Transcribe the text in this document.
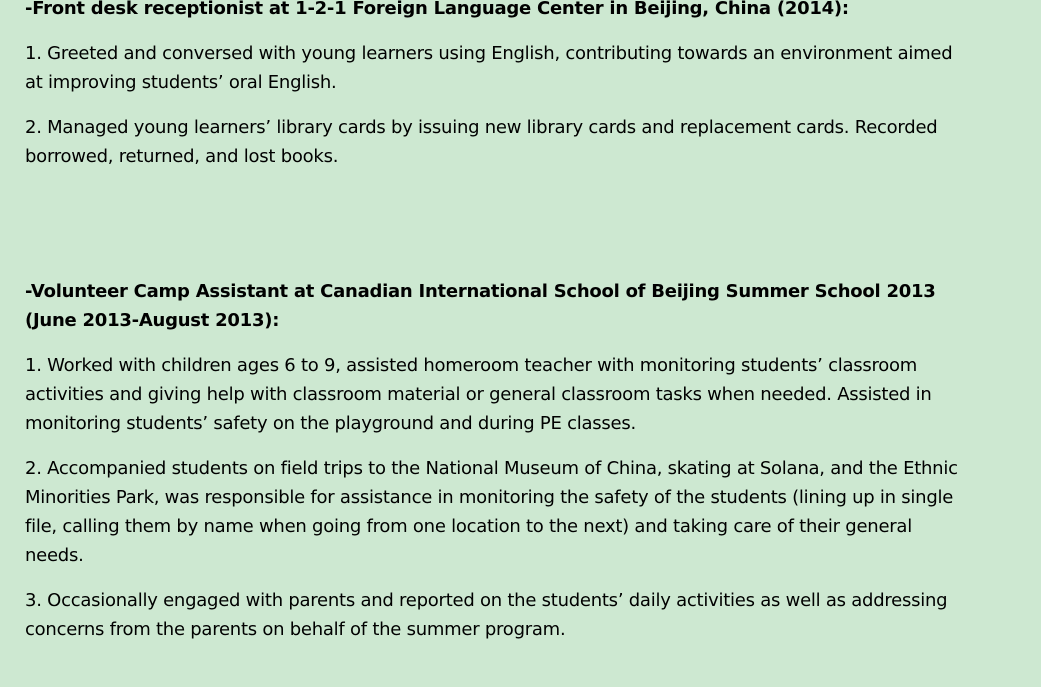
-Front desk receptionist at 1-2-1 Foreign Language Center in Beijing, China (2014):
1. Greeted and conversed with young learners using English, contributing towards an environment aimed at improving students’ oral English.
2. Managed young learners’ library cards by issuing new library cards and replacement cards. Recorded borrowed, returned, and lost books.
-Volunteer Camp Assistant at Canadian International School of Beijing Summer School 2013 (June 2013-August 2013):
1. Worked with children ages 6 to 9, assisted homeroom teacher with monitoring students’ classroom activities and giving help with classroom material or general classroom tasks when needed. Assisted in monitoring students’ safety on the playground and during PE classes.
2. Accompanied students on field trips to the National Museum of China, skating at Solana, and the Ethnic Minorities Park, was responsible for assistance in monitoring the safety of the students (lining up in single file, calling them by name when going from one location to the next) and taking care of their general needs.
3. Occasionally engaged with parents and reported on the students’ daily activities as well as addressing concerns from the parents on behalf of the summer program.
